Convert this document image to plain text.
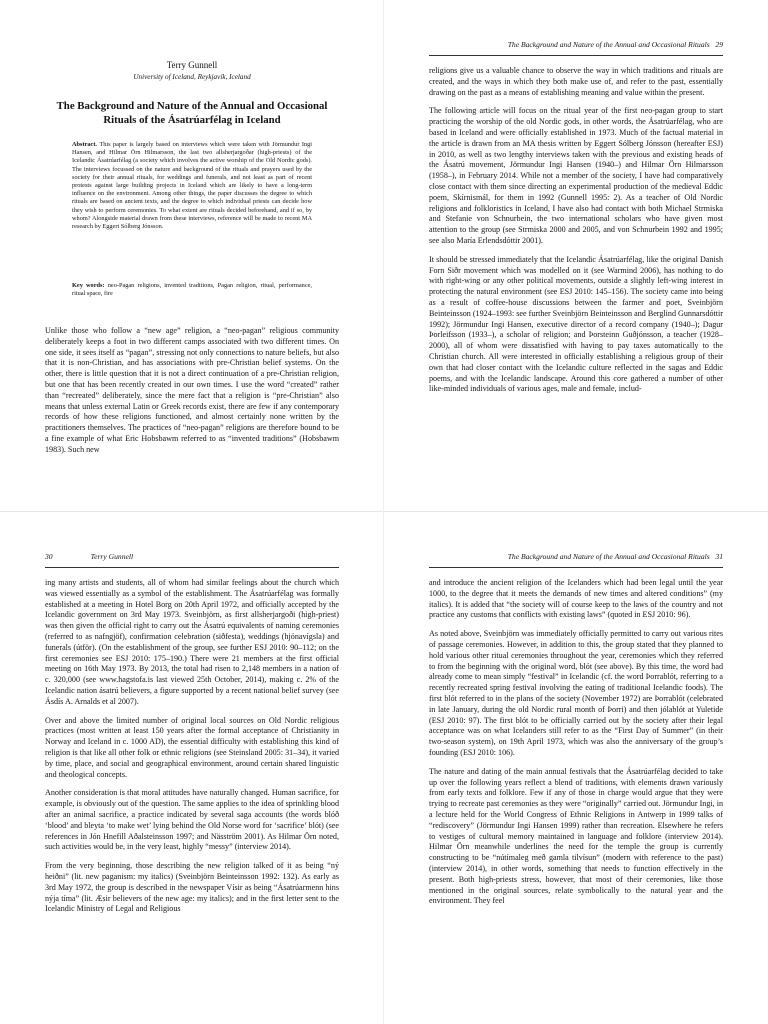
Terry Gunnell
University of Iceland, Reykjavík, Iceland
The Background and Nature of the Annual and Occasional Rituals of the Ásatrúarfélag in Iceland
Abstract. This paper is largely based on interviews which were taken with Jörmundur Ingi Hansen, and Hilmar Örn Hilmarsson, the last two allsherjargoðar (high-priests) of the Icelandic Ásatrúarfélag (a society which involves the active worship of the Old Nordic gods). The interviews focussed on the nature and background of the rituals and prayers used by the society for their annual rituals, for weddings and funerals, and not least as part of recent protests against large building projects in Iceland which are likely to have a long-term influence on the environment. Among other things, the paper discusses the degree to which rituals are based on ancient texts, and the degree to which individual priests can decide how they wish to perform ceremonies. To what extent are rituals decided beforehand, and if so, by whom? Alongside material drawn from these interviews, reference will be made to recent MA research by Eggert Sólberg Jónsson.
Key words: neo-Pagan religions, invented traditions, Pagan religion, ritual, performance, ritual space, fire

Unlike those who follow a “new age” religion, a “neo-pagan” religious community deliberately keeps a foot in two different camps associated with two different times. On one side, it sees itself as “pagan”, stressing not only connections to nature beliefs, but also that it is non-Christian, and has associations with pre-Christian belief systems. On the other, there is little question that it is not a direct continuation of a pre-Christian religion, but one that has been recently created in our own times. I use the word “created” rather than “recreated” deliberately, since the mere fact that a religion is “pre-Christian” also means that unless external Latin or Greek records exist, there are few if any contemporary records of how these religions functioned, and almost certainly none written by the practitioners themselves. The practices of “neo-pagan” religions are therefore bound to be a fine example of what Eric Hobsbawm referred to as “invented traditions” (Hobsbawm 1983). Such new

The Background and Nature of the Annual and Occasional Rituals 29

religions give us a valuable chance to observe the way in which traditions and rituals are created, and the ways in which they both make use of, and refer to the past, essentially drawing on the past as a means of establishing meaning and value within the present.

The following article will focus on the ritual year of the first neo-pagan group to start practicing the worship of the old Nordic gods, in other words, the Ásatrúarfélag, who are based in Iceland and were officially established in 1973. Much of the factual material in the article is drawn from an MA thesis written by Eggert Sólberg Jónsson (hereafter ESJ) in 2010, as well as two lengthy interviews taken with the previous and existing heads of the Ásatrú movement, Jörmundur Ingi Hansen (1940–) and Hilmar Örn Hilmarsson (1958–), in February 2014. While not a member of the society, I have had comparatively close contact with them since directing an experimental production of the medieval Eddic poem, Skírnismál, for them in 1992 (Gunnell 1995: 2). As a teacher of Old Nordic religions and folkloristics in Iceland, I have also had contact with both Michael Strmiska and Stefanie von Schnurbein, the two international scholars who have given most attention to the group (see Strmiska 2000 and 2005, and von Schnurbein 1992 and 1995; see also María Erlendsdóttir 2001).

It should be stressed immediately that the Icelandic Ásatrúarfélag, like the original Danish Forn Siðr movement which was modelled on it (see Warmind 2006), has nothing to do with right-wing or any other political movements, outside a slightly left-wing interest in protecting the natural environment (see ESJ 2010: 145–156). The society came into being as a result of coffee-house discussions between the farmer and poet, Sveinbjörn Beinteinsson (1924–1993: see further Sveinbjörn Beinteinsson and Berglind Gunnarsdóttir 1992); Jörmundur Ingi Hansen, executive director of a record company (1940–); Dagur Þorleifsson (1933–), a scholar of religion; and Þorsteinn Guðjónsson, a teacher (1928–2000), all of whom were dissatisfied with having to pay taxes automatically to the Christian church. All were interested in officially establishing a religious group of their own that had closer contact with the Icelandic culture reflected in the sagas and Eddic poems, and with the Icelandic landscape. Around this core gathered a number of other like-minded individuals of various ages, male and female, includ-

30	Terry Gunnell

ing many artists and students, all of whom had similar feelings about the church which was viewed essentially as a symbol of the establishment. The Ásatrúarfélag was formally established at a meeting in Hotel Borg on 20th April 1972, and officially accepted by the Icelandic government on 3rd May 1973. Sveinbjörn, as first allsherjargoði (high-priest) was then given the official right to carry out the Ásatrú equivalents of naming ceremonies (referred to as nafngjöf), confirmation celebration (siðfesta), weddings (hjónavígsla) and funerals (útför). (On the establishment of the group, see further ESJ 2010: 90–112; on the first ceremonies see ESJ 2010: 175–190.) There were 21 members at the first official meeting on 16th May 1973. By 2013, the total had risen to 2,148 members in a nation of c. 320,000 (see www.hagstofa.is last viewed 25th October, 2014), making c. 2% of the Icelandic nation ásatrú believers, a figure supported by a recent national belief survey (see Ásdís A. Arnalds et al 2007).

Over and above the limited number of original local sources on Old Nordic religious practices (most written at least 150 years after the formal acceptance of Christianity in Norway and Iceland in c. 1000 AD), the essential difficulty with establishing this kind of religion is that like all other folk or ethnic religions (see Steinsland 2005: 31–34), it varied by time, place, and social and geographical environment, around certain shared linguistic and theological concepts.

Another consideration is that moral attitudes have naturally changed. Human sacrifice, for example, is obviously out of the question. The same applies to the idea of sprinkling blood after an animal sacrifice, a practice indicated by several saga accounts (the words blóð ‘blood’ and bleyta ‘to make wet’ lying behind the Old Norse word for ‘sacrifice’ blót) (see references in Jón Hnefill Aðalsteinsson 1997; and Näsström 2001). As Hilmar Örn noted, such activities would be, in the very least, highly “messy” (interview 2014).

From the very beginning, those describing the new religion talked of it as being “ný heiðni” (lit. new paganism: my italics) (Sveinbjörn Beinteinsson 1992: 132). As early as 3rd May 1972, the group is described in the newspaper Vísir as being “Ásatrúarmenn hins nýja tíma” (lit. Æsir believers of the new age: my italics); and in the first letter sent to the Icelandic Ministry of Legal and Religious

The Background and Nature of the Annual and Occasional Rituals 31

and introduce the ancient religion of the Icelanders which had been legal until the year 1000, to the degree that it meets the demands of new times and altered conditions” (my italics). It is added that “the society will of course keep to the laws of the country and not practice any customs that conflicts with existing laws” (quoted in ESJ 2010: 96).

As noted above, Sveinbjörn was immediately officially permitted to carry out various rites of passage ceremonies. However, in addition to this, the group stated that they planned to hold various other ritual ceremonies throughout the year, ceremonies which they referred to from the beginning with the original word, blót (see above). By this time, the word had already come to mean simply “festival” in Icelandic (cf. the word Þorrablót, referring to a recently recreated spring festival involving the eating of traditional Icelandic foods). The first blót referred to in the plans of the society (November 1972) are Þorrablót (celebrated in late January, during the old Nordic rural month of Þorri) and then jólablót at Yuletide (ESJ 2010: 97). The first blót to be officially carried out by the society after their legal acceptance was on what Icelanders still refer to as the “First Day of Summer” (in their two-season system), on 19th April 1973, which was also the anniversary of the group’s founding (ESJ 2010: 106).

The nature and dating of the main annual festivals that the Ásatrúarfélag decided to take up over the following years reflect a blend of traditions, with elements drawn variously from early texts and folklore. Few if any of those in charge would argue that they were trying to recreate past ceremonies as they were “originally” carried out. Jörmundur Ingi, in a lecture held for the World Congress of Ethnic Religions in Antwerp in 1999 talks of “rediscovery” (Jörmundur Ingi Hansen 1999) rather than recreation. Elsewhere he refers to vestiges of cultural memory maintained in language and folklore (interview 2014). Hilmar Örn meanwhile underlines the need for the temple the group is currently constructing to be “nútímaleg með gamla tilvísun” (modern with reference to the past) (interview 2014), in other words, something that needs to function effectively in the present. Both high-priests stress, however, that most of their ceremonies, like those mentioned in the original sources, relate symbolically to the natural year and the environment. They feel
